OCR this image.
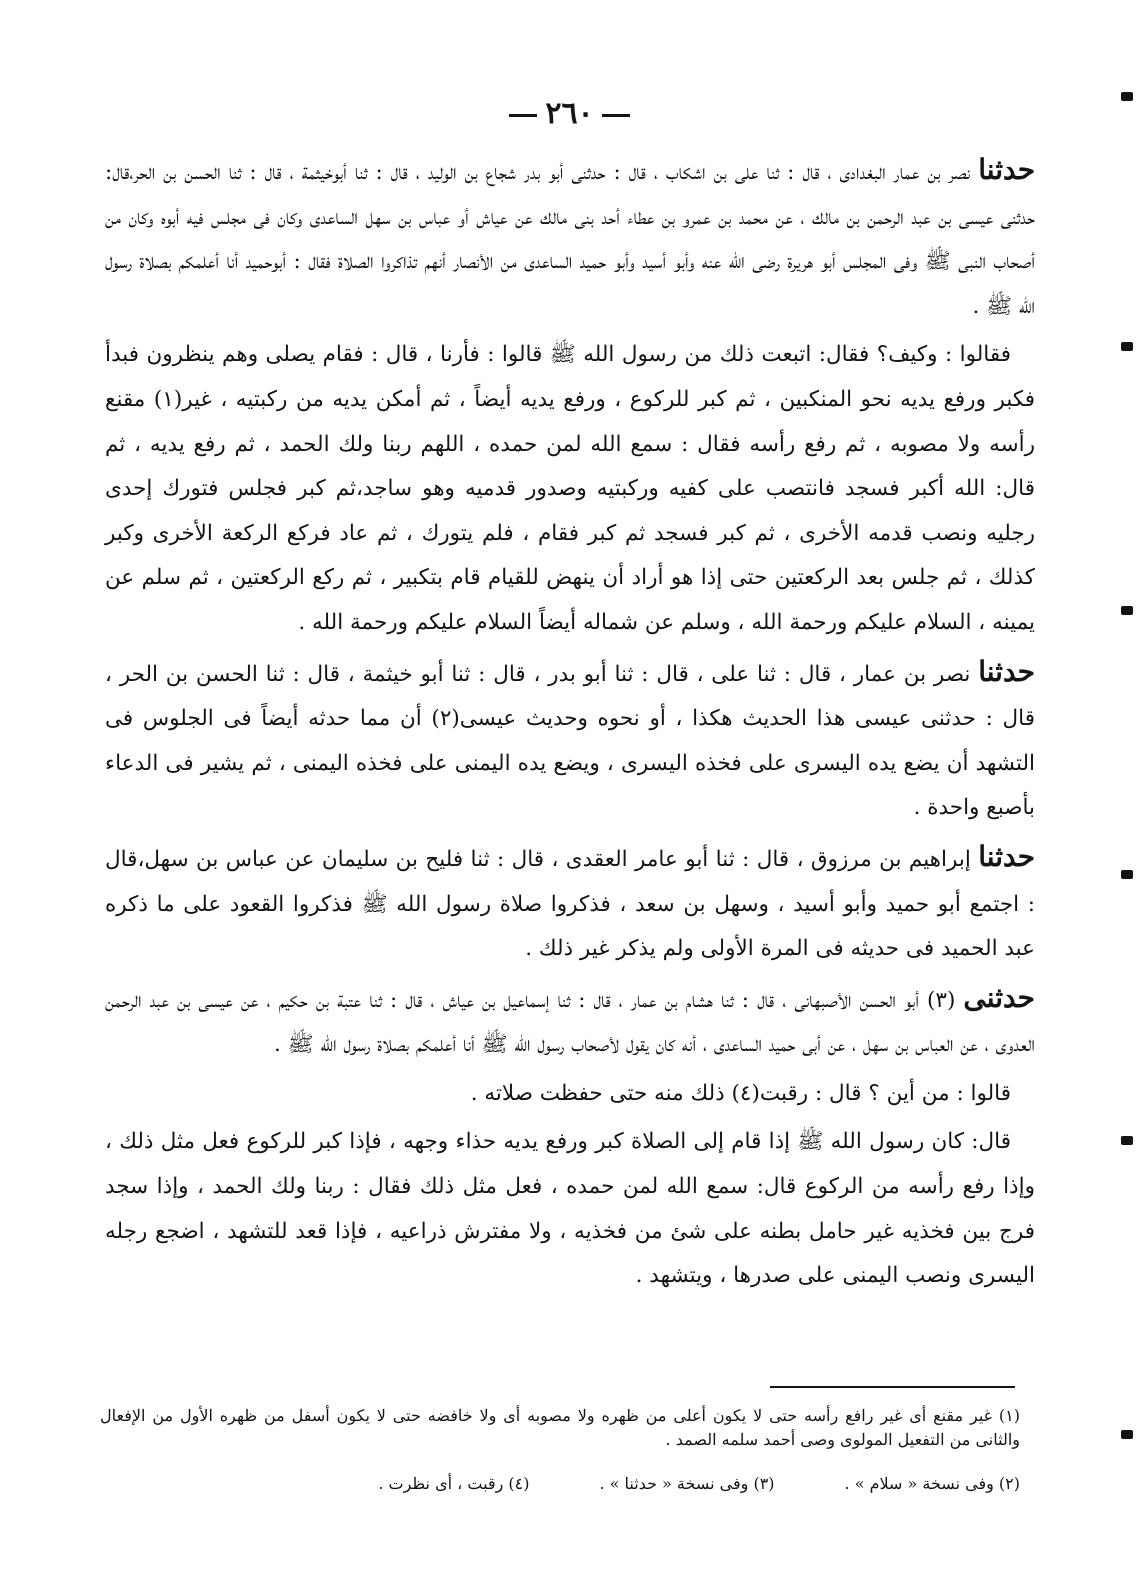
٢٦٠

حدثنا نصر بن عمار البغدادى ، قال : ثنا على بن اشكاب ، قال : حدثنى أبو بدر شجاع بن الوليد ، قال : ثنا أبوخيثمة ، قال : ثنا الحسن بن الحر،قال: حدثنى عيسى بن عبد الرحمن بن مالك ، عن محمد بن عمرو بن عطاء أحد بنى مالك عن عياش أو عباس بن سهل الساعدى وكان فى مجلس فيه أبوه وكان من أصحاب النبى ﷺ وفى المجلس أبو هريرة رضى الله عنه وأبو أسيد وأبو حميد الساعدى من الأنصار أنهم تذاكروا الصلاة فقال : أبوحميد أنا أعلمكم بصلاة رسول الله ﷺ .

فقالوا : وكيف؟ فقال: اتبعت ذلك من رسول الله ﷺ قالوا : فأرنا ، قال : فقام يصلى وهم ينظرون فبدأ فكبر ورفع يديه نحو المنكبين ، ثم كبر للركوع ، ورفع يديه أيضاً ، ثم أمكن يديه من ركبتيه ، غير(١) مقنع رأسه ولا مصوبه ، ثم رفع رأسه فقال : سمع الله لمن حمده ، اللهم ربنا ولك الحمد ، ثم رفع يديه ، ثم قال: الله أكبر فسجد فانتصب على كفيه وركبتيه وصدور قدميه وهو ساجد،ثم كبر فجلس فتورك إحدى رجليه ونصب قدمه الأخرى ، ثم كبر فسجد ثم كبر فقام ، فلم يتورك ، ثم عاد فركع الركعة الأخرى وكبر كذلك ، ثم جلس بعد الركعتين حتى إذا هو أراد أن ينهض للقيام قام بتكبير ، ثم ركع الركعتين ، ثم سلم عن يمينه ، السلام عليكم ورحمة الله ، وسلم عن شماله أيضاً السلام عليكم ورحمة الله .

حدثنا نصر بن عمار ، قال : ثنا على ، قال : ثنا أبو بدر ، قال : ثنا أبو خيثمة ، قال : ثنا الحسن بن الحر ، قال : حدثنى عيسى هذا الحديث هكذا ، أو نحوه وحديث عيسى(٢) أن مما حدثه أيضاً فى الجلوس فى التشهد أن يضع يده اليسرى على فخذه اليسرى ، ويضع يده اليمنى على فخذه اليمنى ، ثم يشير فى الدعاء بأصبع واحدة .

حدثنا إبراهيم بن مرزوق ، قال : ثنا أبو عامر العقدى ، قال : ثنا فليح بن سليمان عن عباس بن سهل،قال : اجتمع أبو حميد وأبو أسيد ، وسهل بن سعد ، فذكروا صلاة رسول الله ﷺ فذكروا القعود على ما ذكره عبد الحميد فى حديثه فى المرة الأولى ولم يذكر غير ذلك .

حدثنى (٣) أبو الحسن الأصبهانى ، قال : ثنا هشام بن عمار ، قال : ثنا إسماعيل بن عياش ، قال : ثنا عتبة بن حكيم ، عن عيسى بن عبد الرحمن العدوى ، عن العباس بن سهل ، عن أبى حميد الساعدى ، أنه كان يقول لأصحاب رسول الله ﷺ أنا أعلمكم بصلاة رسول الله ﷺ .

قالوا : من أين ؟ قال : رقبت(٤) ذلك منه حتى حفظت صلاته .

قال: كان رسول الله ﷺ إذا قام إلى الصلاة كبر ورفع يديه حذاء وجهه ، فإذا كبر للركوع فعل مثل ذلك ، وإذا رفع رأسه من الركوع قال: سمع الله لمن حمده ، فعل مثل ذلك فقال : ربنا ولك الحمد ، وإذا سجد فرج بين فخذيه غير حامل بطنه على شئ من فخذيه ، ولا مفترش ذراعيه ، فإذا قعد للتشهد ، اضجع رجله اليسرى ونصب اليمنى على صدرها ، ويتشهد .

(١) غير مقنع أى غير رافع رأسه حتى لا يكون أعلى من ظهره ولا مصوبه أى ولا خافضه حتى لا يكون أسفل من ظهره الأول من الإفعال والثانى من التفعيل المولوى وصى أحمد سلمه الصمد .
(٢) وفى نسخة « سلام » .
(٣) وفى نسخة « حدثنا » .
(٤) رقبت ، أى نظرت .
